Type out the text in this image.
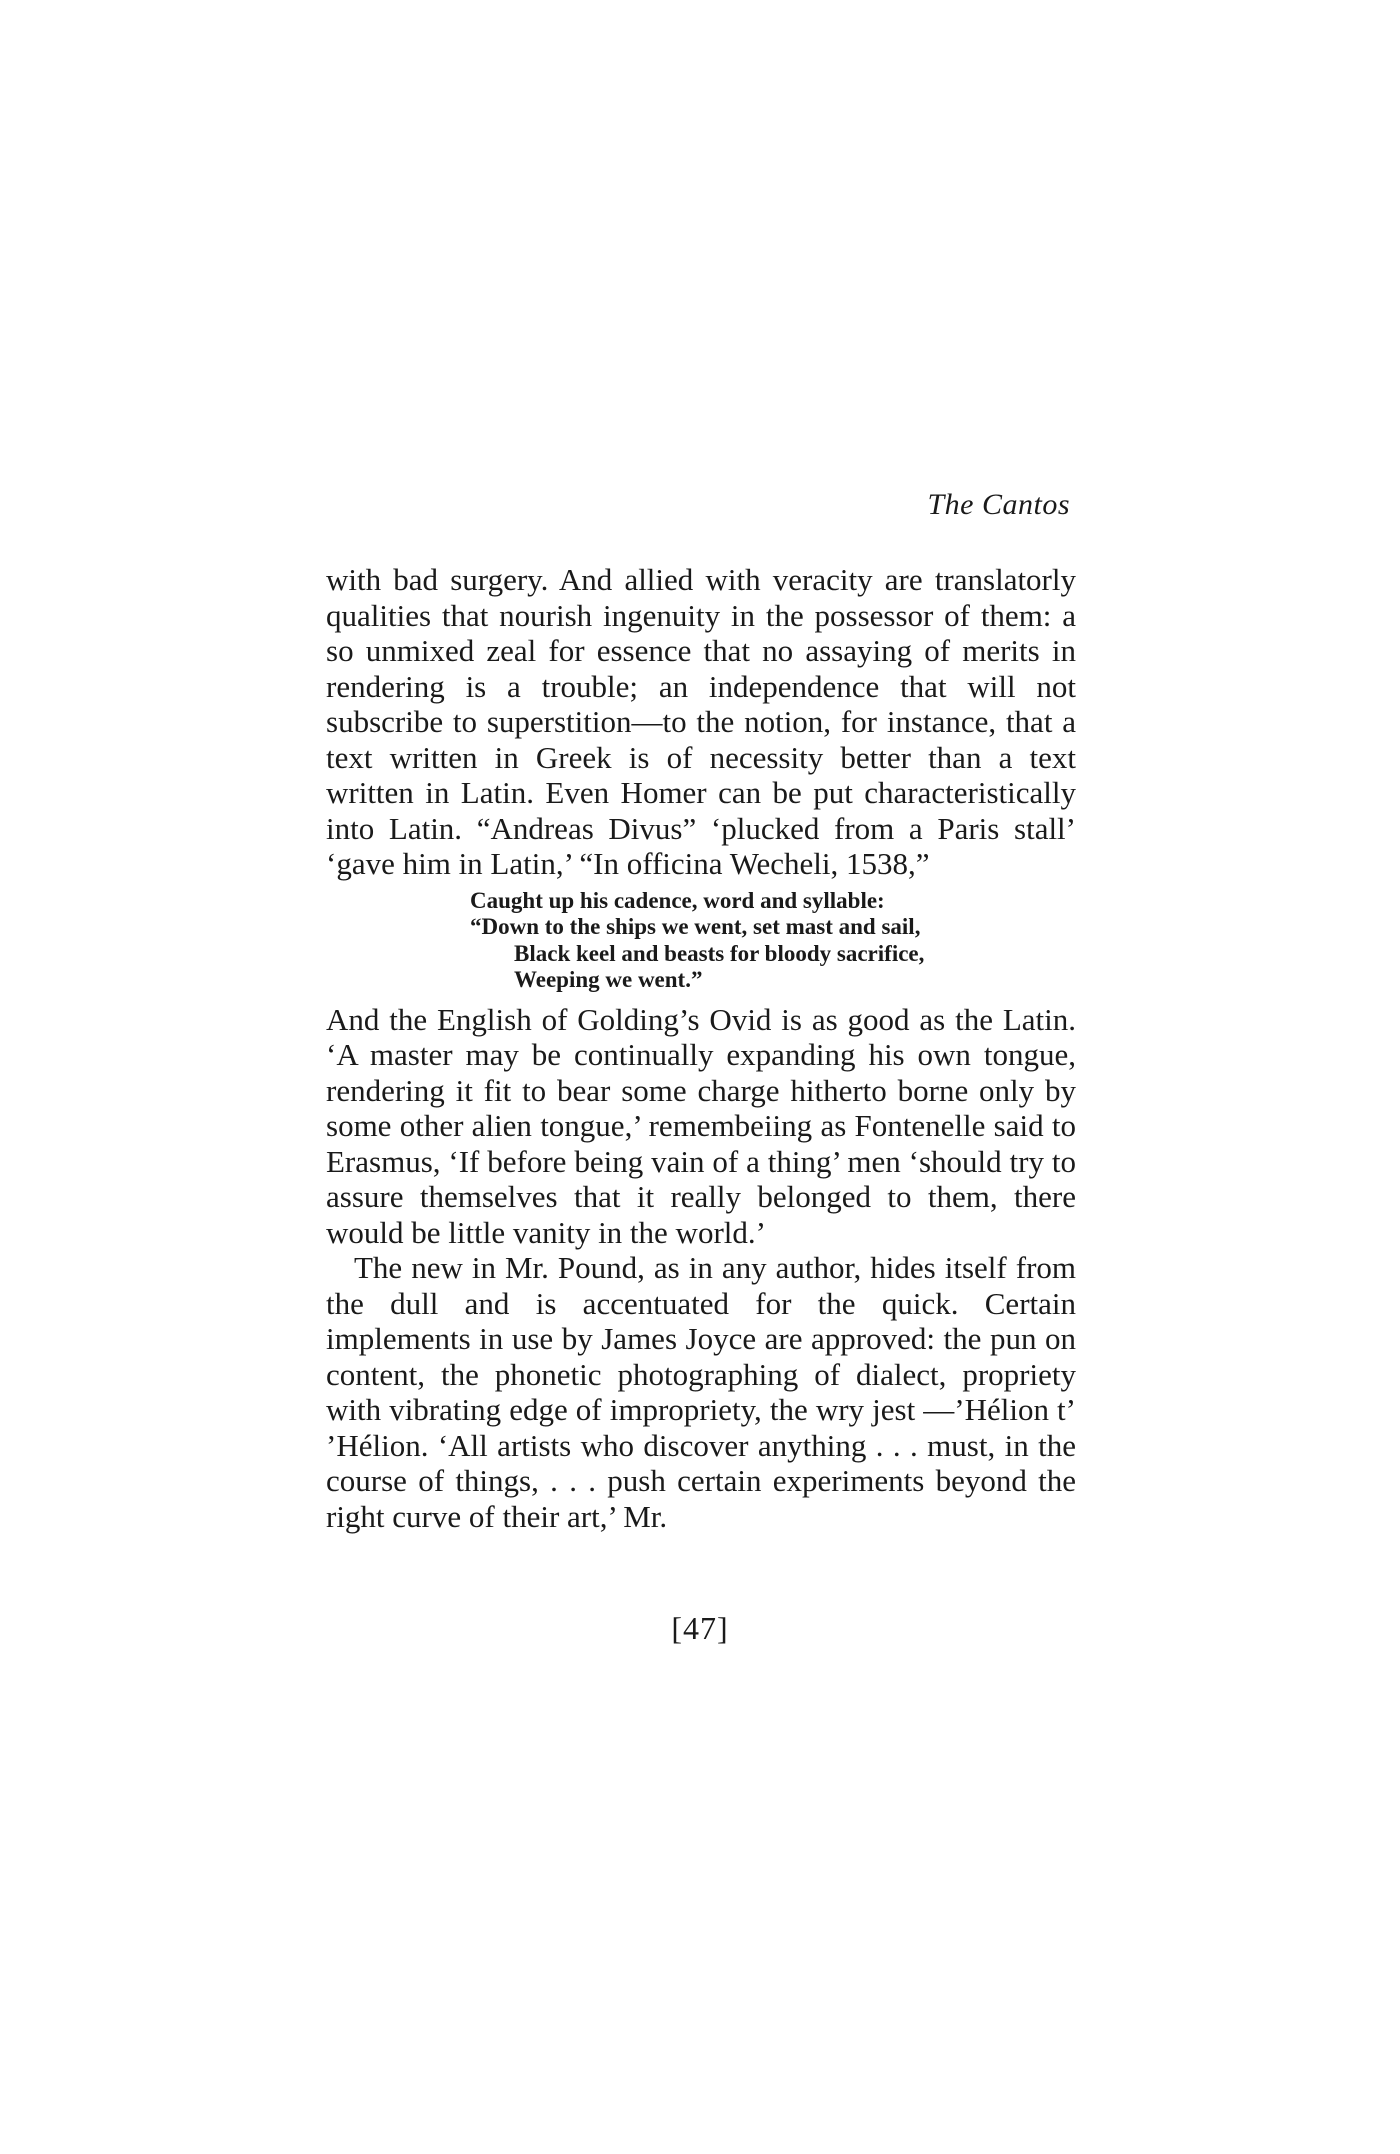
The Cantos

with bad surgery. And allied with veracity are translatorly qualities that nourish ingenuity in the possessor of them: a so unmixed zeal for essence that no assaying of merits in rendering is a trouble; an independence that will not subscribe to superstition—to the notion, for instance, that a text written in Greek is of necessity better than a text written in Latin. Even Homer can be put characteristically into Latin. “Andreas Divus” ‘plucked from a Paris stall’ ‘gave him in Latin,’ “In officina Wecheli, 1538,”

Caught up his cadence, word and syllable:
“Down to the ships we went, set mast and sail,
Black keel and beasts for bloody sacrifice,
Weeping we went.”

And the English of Golding’s Ovid is as good as the Latin. ‘A master may be continually expanding his own tongue, rendering it fit to bear some charge hitherto borne only by some other alien tongue,’ remembeiing as Fontenelle said to Erasmus, ‘If before being vain of a thing’ men ‘should try to assure themselves that it really belonged to them, there would be little vanity in the world.’

The new in Mr. Pound, as in any author, hides itself from the dull and is accentuated for the quick. Certain implements in use by James Joyce are approved: the pun on content, the phonetic photographing of dialect, propriety with vibrating edge of impropriety, the wry jest —’Hélion t’ ’Hélion. ‘All artists who discover anything . . . must, in the course of things, . . . push certain experiments beyond the right curve of their art,’ Mr.

[47]
